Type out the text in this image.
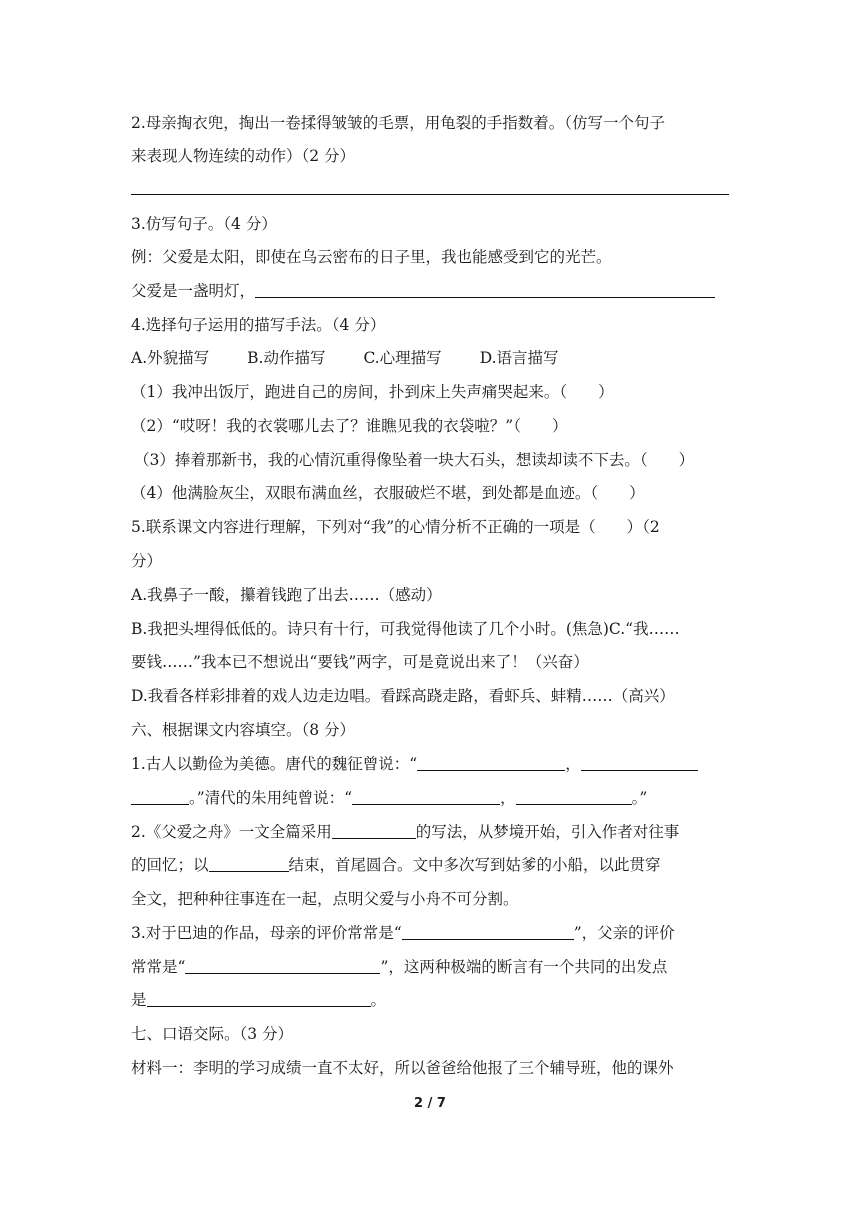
2.母亲掏衣兜，掏出一卷揉得皱皱的毛票，用龟裂的手指数着。（仿写一个句子
来表现人物连续的动作）（2 分）
3.仿写句子。（4 分）
例：父爱是太阳，即使在乌云密布的日子里，我也能感受到它的光芒。
父爱是一盏明灯，
4.选择句子运用的描写手法。（4 分）
A.外貌描写 B.动作描写 C.心理描写 D.语言描写
（1）我冲出饭厅，跑进自己的房间，扑到床上失声痛哭起来。（　　）
（2）“哎呀！我的衣裳哪儿去了？谁瞧见我的衣袋啦？”（　　）
（3）捧着那新书，我的心情沉重得像坠着一块大石头，想读却读不下去。（　　）
（4）他满脸灰尘，双眼布满血丝，衣服破烂不堪，到处都是血迹。（　　）
5.联系课文内容进行理解，下列对“我”的心情分析不正确的一项是（　　）（2
分）
A.我鼻子一酸，攥着钱跑了出去……（感动）
B.我把头埋得低低的。诗只有十行，可我觉得他读了几个小时。(焦急)C.“我……
要钱……”我本已不想说出“要钱”两字，可是竟说出来了！（兴奋）
D.我看各样彩排着的戏人边走边唱。看踩高跷走路，看虾兵、蚌精……（高兴）
六、根据课文内容填空。（8 分）
1.古人以勤俭为美德。唐代的魏征曾说：“	，
。”清代的朱用纯曾说：“	，	。”
2.《父爱之舟》一文全篇采用	的写法，从梦境开始，引入作者对往事
的回忆；以	结束，首尾圆合。文中多次写到姑爹的小船，以此贯穿
全文，把种种往事连在一起，点明父爱与小舟不可分割。
3.对于巴迪的作品，母亲的评价常常是“	”，父亲的评价
常常是“	”，这两种极端的断言有一个共同的出发点
是	。
七、口语交际。（3 分）
材料一：李明的学习成绩一直不太好，所以爸爸给他报了三个辅导班，他的课外
2 / 7
